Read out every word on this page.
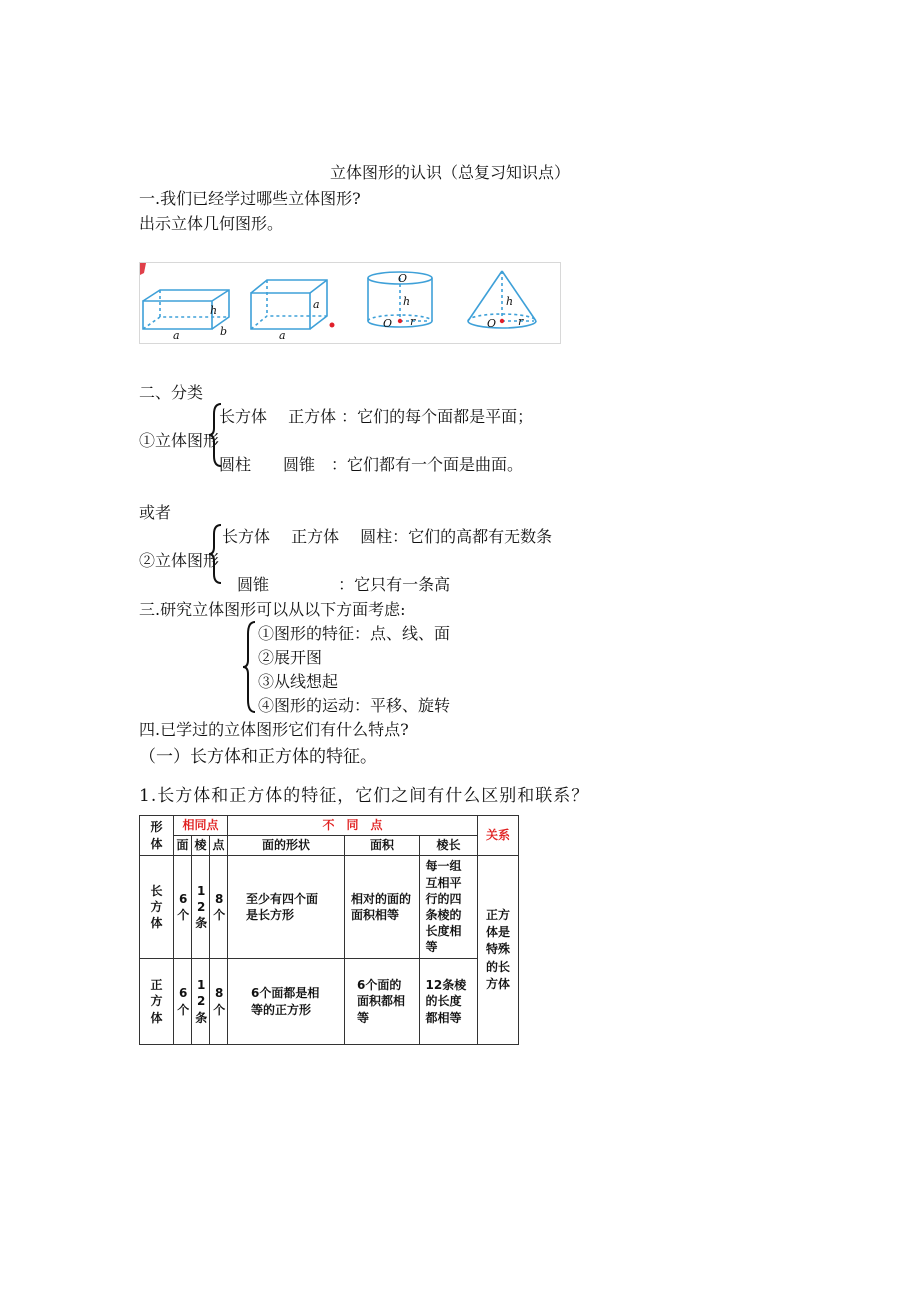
立体图形的认识（总复习知识点）
一.我们已经学过哪些立体图形?
出示立体几何图形。
h
a	b
a
a
O
h
O r
h
O r
二、分类
①立体图形
长方体　 正方体 ：它们的每个面都是平面；
圆柱　　圆锥　：它们都有一个面是曲面。
或者
②立体图形
长方体　 正方体　 圆柱：它们的高都有无数条
圆锥　　　　 ：它只有一条高
三.研究立体图形可以从以下方面考虑:
①图形的特征：点、线、面
②展开图
③从线想起
④图形的运动：平移、旋转
四.已学过的立体图形它们有什么特点?
（一）长方体和正方体的特征。
1.长方体和正方体的特征，它们之间有什么区别和联系？
形体	相同点			不　同　点			关系
	面	棱	点	面的形状	面积	棱长	

长方体	6个	12条	8个	至少有四个面是长方形	相对的面的面积相等	每一组互相平行的四条棱的长度相等	正方体是特殊的长方体

正方体	6个	12条	8个	6个面都是相等的正方形	6个面的面积都相等	12条棱的长度都相等	
